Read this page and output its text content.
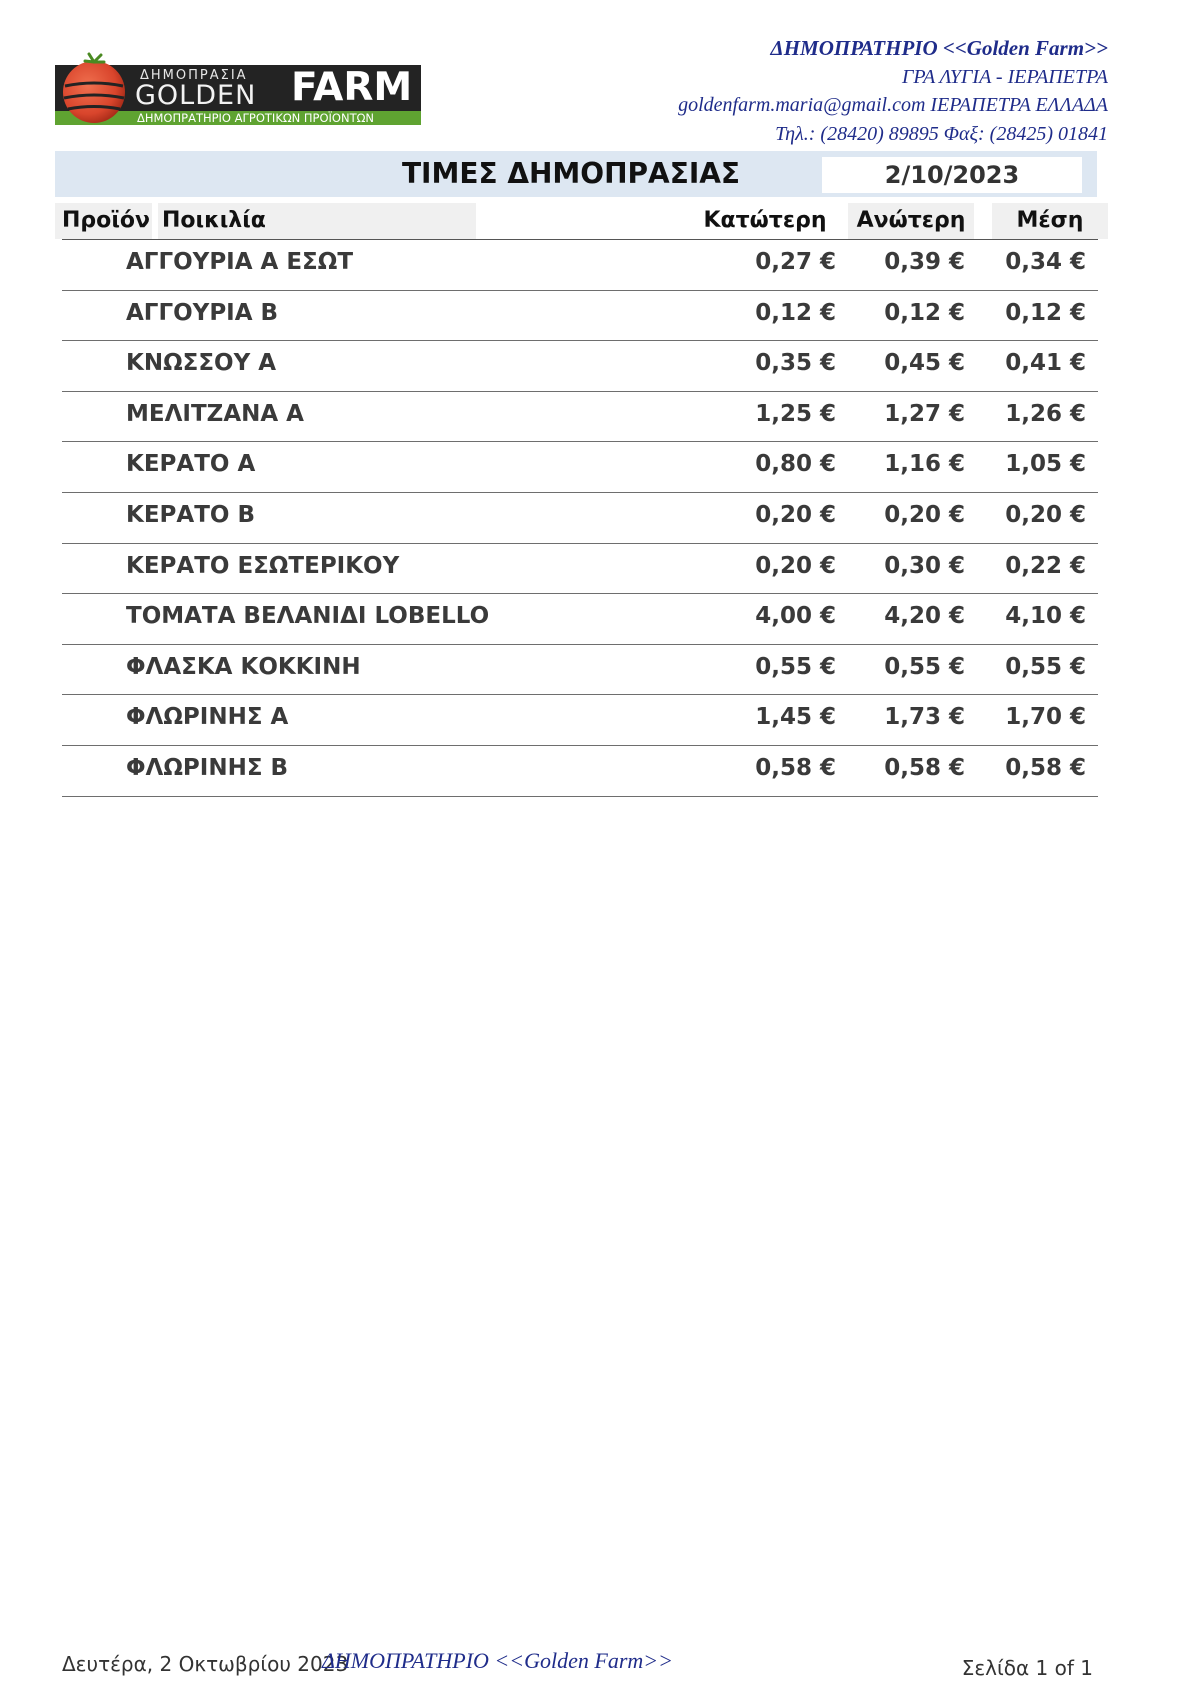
ΔΗΜΟΠΡΑΣΙΑ
GOLDEN FARM
ΔΗΜΟΠΡΑΤΗΡΙΟ ΑΓΡΟΤΙΚΩΝ ΠΡΟΪΟΝΤΩΝ
ΔΗΜΟΠΡΑΤΗΡΙΟ <<Golden Farm>>
ΓΡΑ ΛΥΓΙΑ - ΙΕΡΑΠΕΤΡΑ
goldenfarm.maria@gmail.com ΙΕΡΑΠΕΤΡΑ ΕΛΛΑΔΑ
Τηλ.: (28420) 89895 Φαξ: (28425) 01841
ΤΙΜΕΣ ΔΗΜΟΠΡΑΣΙΑΣ	2/10/2023
Προϊόν Ποικιλία	Κατώτερη	Ανώτερη	Μέση
ΑΓΓΟΥΡΙΑ Α ΕΣΩΤ	0,27 € 0,39 € 0,34 €
ΑΓΓΟΥΡΙΑ Β	0,12 € 0,12 € 0,12 €
ΚΝΩΣΣΟΥ Α	0,35 € 0,45 € 0,41 €
ΜΕΛΙΤΖΑΝΑ Α	1,25 € 1,27 € 1,26 €
ΚΕΡΑΤΟ Α	0,80 € 1,16 € 1,05 €
ΚΕΡΑΤΟ Β	0,20 € 0,20 € 0,20 €
ΚΕΡΑΤΟ ΕΣΩΤΕΡΙΚΟΥ	0,20 € 0,30 € 0,22 €
ΤΟΜΑΤΑ ΒΕΛΑΝΙΔΙ LOBELLO	4,00 € 4,20 € 4,10 €
ΦΛΑΣΚΑ ΚΟΚΚΙΝΗ	0,55 € 0,55 € 0,55 €
ΦΛΩΡΙΝΗΣ Α	1,45 € 1,73 € 1,70 €
ΦΛΩΡΙΝΗΣ Β	0,58 € 0,58 € 0,58 €
Δευτέρα, 2 Οκτωβρίου 2023
ΔΗΜΟΠΡΑΤΗΡΙΟ <<Golden Farm>>	Σελίδα 1 of 1
